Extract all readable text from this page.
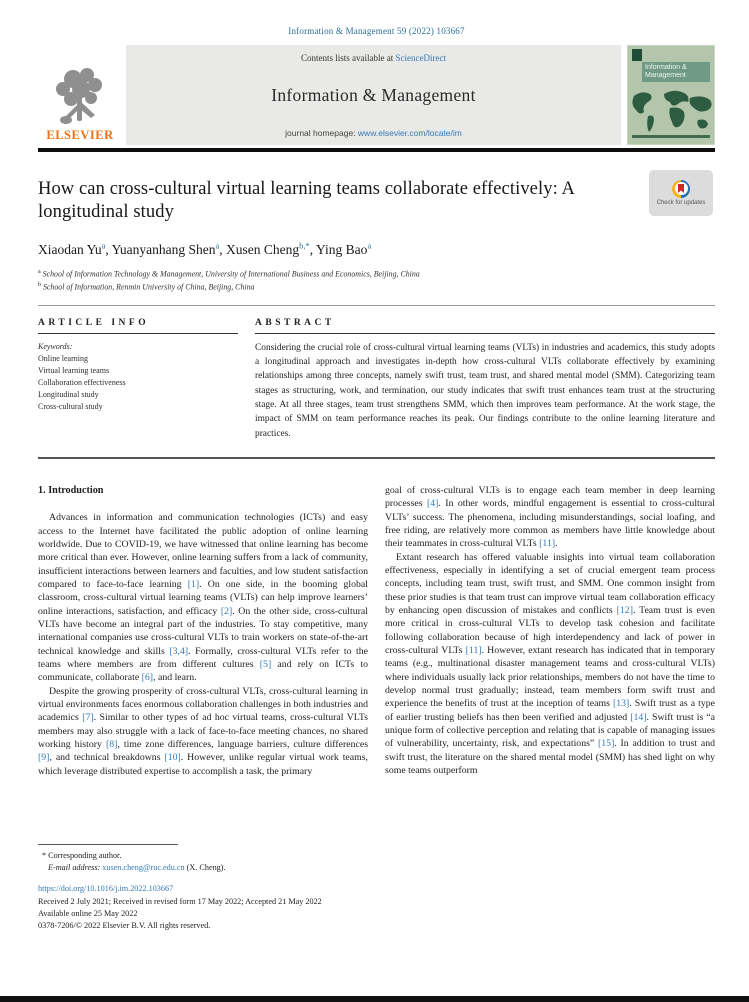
Information & Management 59 (2022) 103667
ELSEVIER
Contents lists available at ScienceDirect
Information & Management
journal homepage: www.elsevier.com/locate/im
Information & Management
How can cross-cultural virtual learning teams collaborate effectively: A longitudinal study	Check for updates
Xiaodan Yu$^a$, Yuanyanhang Shen$^a$, Xusen Cheng$^{b,*}$, Ying Bao$^a$
$^a$ School of Information Technology & Management, University of International Business and Economics, Beijing, China
$^b$ School of Information, Renmin University of China, Beijing, China
ARTICLE INFO
Keywords:
Online learning
Virtual learning teams
Collaboration effectiveness
Longitudinal study
Cross-cultural study
ABSTRACT
Considering the crucial role of cross-cultural virtual learning teams (VLTs) in industries and academics, this study adopts a longitudinal approach and investigates in-depth how cross-cultural VLTs collaborate effectively by examining relationships among three concepts, namely swift trust, team trust, and shared mental model (SMM). Categorizing team stages as structuring, work, and termination, our study indicates that swift trust enhances team trust at the structuring stage. At all three stages, team trust strengthens SMM, which then improves team performance. At the work stage, the impact of SMM on team performance reaches its peak. Our findings contribute to the online learning literature and practices.
1. Introduction

Advances in information and communication technologies (ICTs) and easy access to the Internet have facilitated the public adoption of online learning worldwide. Due to COVID-19, we have witnessed that online learning has become more critical than ever. However, online learning suffers from a lack of community, insufficient interactions between learners and faculties, and low student satisfaction compared to face-to-face learning [1]. On one side, in the booming global classroom, cross-cultural virtual learning teams (VLTs) can help improve learners’ online interactions, satisfaction, and efficacy [2]. On the other side, cross-cultural VLTs have become an integral part of the industries. To stay competitive, many international companies use cross-cultural VLTs to train workers on state-of-the-art technical knowledge and skills [3,4]. Formally, cross-cultural VLTs refer to the teams where members are from different cultures [5] and rely on ICTs to communicate, collaborate [6], and learn.

Despite the growing prosperity of cross-cultural VLTs, cross-cultural learning in virtual environments faces enormous collaboration challenges in both industries and academics [7]. Similar to other types of ad hoc virtual teams, cross-cultural VLTs members may also struggle with a lack of face-to-face meeting chances, no shared working history [8], time zone differences, language barriers, culture differences [9], and technical breakdowns [10]. However, unlike regular virtual work teams, which leverage distributed expertise to accomplish a task, the primary

goal of cross-cultural VLTs is to engage each team member in deep learning processes [4]. In other words, mindful engagement is essential to cross-cultural VLTs’ success. The phenomena, including misunderstandings, social loafing, and free riding, are relatively more common as members have little knowledge about their teammates in cross-cultural VLTs [11].

Extant research has offered valuable insights into virtual team collaboration effectiveness, especially in identifying a set of crucial emergent team process concepts, including team trust, swift trust, and SMM. One common insight from these prior studies is that team trust can improve virtual team collaboration efficacy by enhancing open discussion of mistakes and conflicts [12]. Team trust is even more critical in cross-cultural VLTs to develop task cohesion and facilitate following collaboration because of high interdependency and lack of power in cross-cultural VLTs [11]. However, extant research has indicated that in temporary teams (e.g., multinational disaster management teams and cross-cultural VLTs) where individuals usually lack prior relationships, members do not have the time to develop normal trust gradually; instead, team members form swift trust and experience the benefits of trust at the inception of teams [13]. Swift trust as a type of earlier trusting beliefs has then been verified and adjusted [14]. Swift trust is “a unique form of collective perception and relating that is capable of managing issues of vulnerability, uncertainty, risk, and expectations” [15]. In addition to trust and swift trust, the literature on the shared mental model (SMM) has shed light on why some teams outperform

* Corresponding author.
E-mail address: xusen.cheng@ruc.edu.cn (X. Cheng).
https://doi.org/10.1016/j.im.2022.103667
Received 2 July 2021; Received in revised form 17 May 2022; Accepted 21 May 2022
Available online 25 May 2022
0378-7206/© 2022 Elsevier B.V. All rights reserved.
